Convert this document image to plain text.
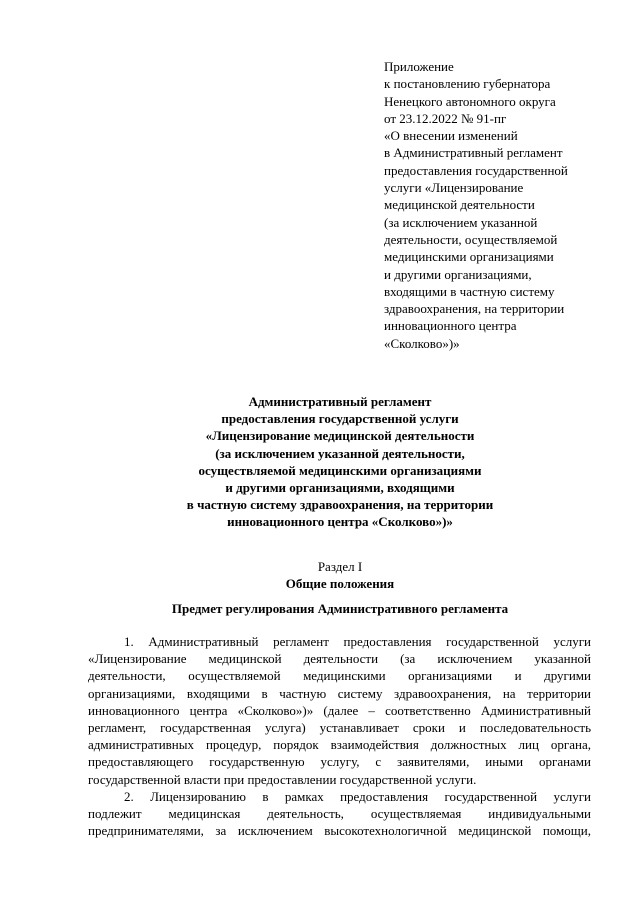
Приложение
к постановлению губернатора
Ненецкого автономного округа
от 23.12.2022 № 91-пг
«О внесении изменений
в Административный регламент
предоставления государственной
услуги «Лицензирование
медицинской деятельности
(за исключением указанной
деятельности, осуществляемой
медицинскими организациями
и другими организациями,
входящими в частную систему
здравоохранения, на территории
инновационного центра
«Сколково»)»
Административный регламент
предоставления государственной услуги
«Лицензирование медицинской деятельности
(за исключением указанной деятельности,
осуществляемой медицинскими организациями
и другими организациями, входящими
в частную систему здравоохранения, на территории
инновационного центра «Сколково»)»
Раздел I
Общие положения
Предмет регулирования Административного регламента
1. Административный регламент предоставления государственной услуги
«Лицензирование медицинской деятельности (за исключением указанной
деятельности, осуществляемой медицинскими организациями и другими
организациями, входящими в частную систему здравоохранения, на территории
инновационного центра «Сколково»)» (далее – соответственно Административный
регламент, государственная услуга) устанавливает сроки и последовательность
административных процедур, порядок взаимодействия должностных лиц органа,
предоставляющего государственную услугу, с заявителями, иными органами
государственной власти при предоставлении государственной услуги.
2. Лицензированию в рамках предоставления государственной услуги
подлежит медицинская деятельность, осуществляемая индивидуальными
предпринимателями, за исключением высокотехнологичной медицинской помощи,
